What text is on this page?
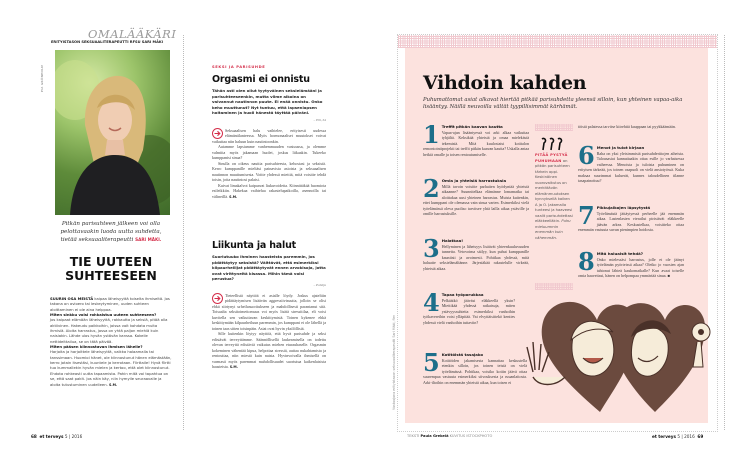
OMALÄÄKÄRI
ERITYISTASON SEKSUAALITERAPEUTTI RFSU SARI MÄKI
PIA GRÖNHOLM
Pitkän parisuhteen jälkeen voi olla pelottavaakin luoda uutta suhdetta, tietää seksuaaliterapeutti SARI MÄKI.
TIE UUTEEN SUHTEESEEN

SUURIN OSA MEISTÄ kaipaa läheisyyttä toiselta ihmiseltä. Jos takana on avioero tai leskeytyminen, uuden suhteen aloittaminen ei ole aina helppoa.

Miten sinkku voisi rohkaistua uuteen suhteeseen?

Jos kaipaat elämään läheisyyttä, rakkautta ja seksiä, pitää olla aktiivinen. Hakeudu paikkoihin, joissa voit kohdata muita ihmisiä. Aloita harrastus, jossa on yhtä paljon miehiä kuin naisiakin. Lähde ulos hyvän ystävän kanssa. Kokeile nettideittailua, se on tätä päivää.

Miten pääsen kiinnostavan ihmisen lähelle?

Harjoita ja harjoittele läheisyyttä, vaikka halaamalla tai tanssimaan. Huomioi hänet, ole kiinnostunut hänen elämästään, kerro jotain itsestäsi, kuuntele ja kerrotaan. Flirttaile! Hyvä flirtti tuo kummallekin hyvän mielen ja kertoo, että olet kiinnostunut. Ehdota rohkeasti uutta tapaamista. Pahin mitä voi tapahtua on se, että saat pakit. Jos näin käy, niin hymyile seuraavalle ja aloita tutustuminen uudelleen. S.M.

SEKSI JA PARISUHDE
Orgasmi ei onnistu
Tähän asti olen ollut tyytyväinen seksielämääni ja parisuhteeseenkin, mutta viime aikoina on vaivannut nautinnon puute. Ei enää onnistu. Onko keho muuttunut? Nyt tuntuu, että lapsenlapsen hoitaminen ja huoli hänestä täyttää päiväni.
– Elli, 64

Seksuaalisen halu vaihtelee, erityisesti uudessa elämäntilanteessa. Myös hormonaaliset muutokset voivat vaikuttaa niin haluun kuin nautintoonkin.

Autamme lapsiamme vanhemmuuden vastuussa, ja olemme valmiita myös jakamaan huolet, joskus liikaakin. Tukeeko kumppanisi sinua?

Sinulla on oikeus nauttia parisuhteesta, kehostasi ja seksistä. Kerro kumppanille mieltäsi painavista asioista ja seksuaalisen nautinnon muuttumisesta. Voitte yhdessä miettiä, mitä voisitte tehdä toisin, jotta nautintosi palaisi.

Kuivat limakalvot kaipaavat liukuvoidetta. Kiinnittäkää huomiota esileikkiin. Hakekaa vaihtelua rakastelupaikoilla, asennoilla tai välineillä. S.M.

Liikunta ja halut
Suoriutuuko ihminen haasteista paremmin, jos pidättäytyy seksistä? Väittävät, että esimerkiksi kilpaurheilijat pidättäytyvät ennen arvokisoja, jotta ovat virittyneitä kisassa. Mihin tämä voisi perustua?
– Pohtija

Tieteellistä näyttöä ei asialle löydy. Joskus ajateltiin pidättäytymisen lisäävän aggressiivisuutta, jolloin se olisi ehkä siirtynyt urheilusuoritukseen ja mahdollisesti parantanut sitä. Toisaalta seksitoimettomuus voi myös lisätä stressitilaa, eli voisi kuvitella sen vaikuttavan keskittymistä. Toinen kykenee ehkä keskittymään kilpaurheiluun paremmin, jos kumppani ei ole lähellä ja toinen taas sitten toisinpäin. Asiat ovat hyvin yksilöllisiä.

Sille kuitenkin löytyy näyttöä, että hyvä parisuhde ja seksi edistävät terveyttämme. Säännöllisellä laukeamisella on todettu olevan terveyttä edistäviä vaikutus miehen eturauhaselle. Orgasmin kokeminen vähentää kipua, helpottaa stressiä, auttaa nukahtamista ja rentouttaa, niin miestä kuin naista. Hyvinvoivalla ihmisellä on varmasti myös paremmat mahdollisuudet suoriutua kaikenlaisista haasteista. S.M.	Vastaajana erityistason seksuaaliterapeutti Sari Mäki, ftm
68 et terveys 5 | 2016
Vihdoin kahden
Puhumattomat asiat alkavat hiertää pitkää parisuhdetta yleensä silloin, kun yhteinen vapaa-aika lisääntyy. Näillä neuvoilla vältät tyypillisimmät kärhämät.
1 Treffit pitkän kaavan kautta
Vapaa-ajan lisääntyessä voi arki alkaa vaikuttaa tyhjältä. Keksikää yhteistä ja omaa mielekästä tekemistä. Mitä kuulostaisi kotitalon remontointiprojekti tai treffit pitkän kaavan kautta? Uskalla antaa hetkiä omalle ja toisen rentoutumiselle.
2 Omia ja yhteisiä harrastuksia
Millä tavoin voisitte parhaiten hyödyntää yhteistä aikaanne? Suunnitelkaa elämänne lomamatka tai aloittakaa uusi yhteinen harrastus. Muista kuitenkin, ettei kumppani ole olemassa vain sinua varten. Esimerkiksi vielä työelämässä oleva puoliso tarvitsee yhtä lailla aikaa ystäville ja omille harrastuksille.
3 Halatkaa!
Hellyminen ja läheisyys lisäävät yhteenkuuluvuuden tunnetta. Vetovoima säilyy, kun puhut kumppanille kauniisti ja avoimesti. Pohtikaa yhdessä, mitä haluatte seksielämältänne. Järjestäkää rakastelulle virkeää, yhteistä aikaa.
4 Tapaa työporukkaa
Pelkäätkö jääväsi eläkkeellä yksin? Miettikää yhdessä ratkaisuja, miten ystävyyssuhteita esimerkiksi vanhoihin työkavereihin voisi ylläpitää. Vai elvyttäisittekö kenties yhdessä vielä vanhoihin tuttaviin?
5 Kotitöistä tasajako
Kotitöiden jakamisesta kannattaa keskustella etenkin silloin, jos toinen teistä on vielä työelämässä. Pohtikaa, voisiko kotiin jäävä ottaa suurempaa vastuuta esimerkiksi siivouksesta ja ruuanlaitosta. Arki-iltoihin on enemmän yhteistä aikaa, kun toisen ei
PITÄÄ PYSTYÄ PUHUMAAN on pitkän parisuhteen tärkein oppi. Keskinäinen vuorovaikutus on merkittävän elämänmuutoksen kynnyksellä kaiken A ja O. Jakamalla tunteesi ja haaveesi vaalit parisuhdettasi eläkkeelläkin. Puhu mieluummin enemmän kuin vähemmän.
töistä palatessa tarvitse kiirehtiä kauppaan tai pyykkäämään.
6 Menot ja tulot kirjaan
Raha on yksi yleisimmistä parisuhderiitojen aiheista. Talousasiat kannattaakin ottaa esille jo varhaisessa vaiheessa. Menoista ja tuloista puhuminen on erityisen tärkeää, jos toinen osapuoli on vielä ansiotyössä. Kuka maksaa suurimmat kuluerät, kunnes taloudellinen tilanne tasapainottuu?
7 Pikkujalkojen läpsytystä
Työelämästä jättäytyessä perheelle jää enemmän aikaa. Lastenlasten vierailut piristävät eläkkeelle jäävän arkea. Keskustelkaa, voisitteko ottaa enemmän vastuuta suvun pienimpien hoidosta.
8 Mitä haluaisit tehdä?
Onko mielessäsi harrastus, jolle et ole jäänyt työelämän pyörteissä aikaa? Oletko jo vuosien ajan tahtonut lähteä kaukomatkalle? Kun avaat toiselle omia haaveitasi, hänen on helpompaa ymmärtää sinua. ■
TEKSTI Paula Grekelä KUVITUS ISTOCKPHOTO	et terveys 5 | 2016 69
